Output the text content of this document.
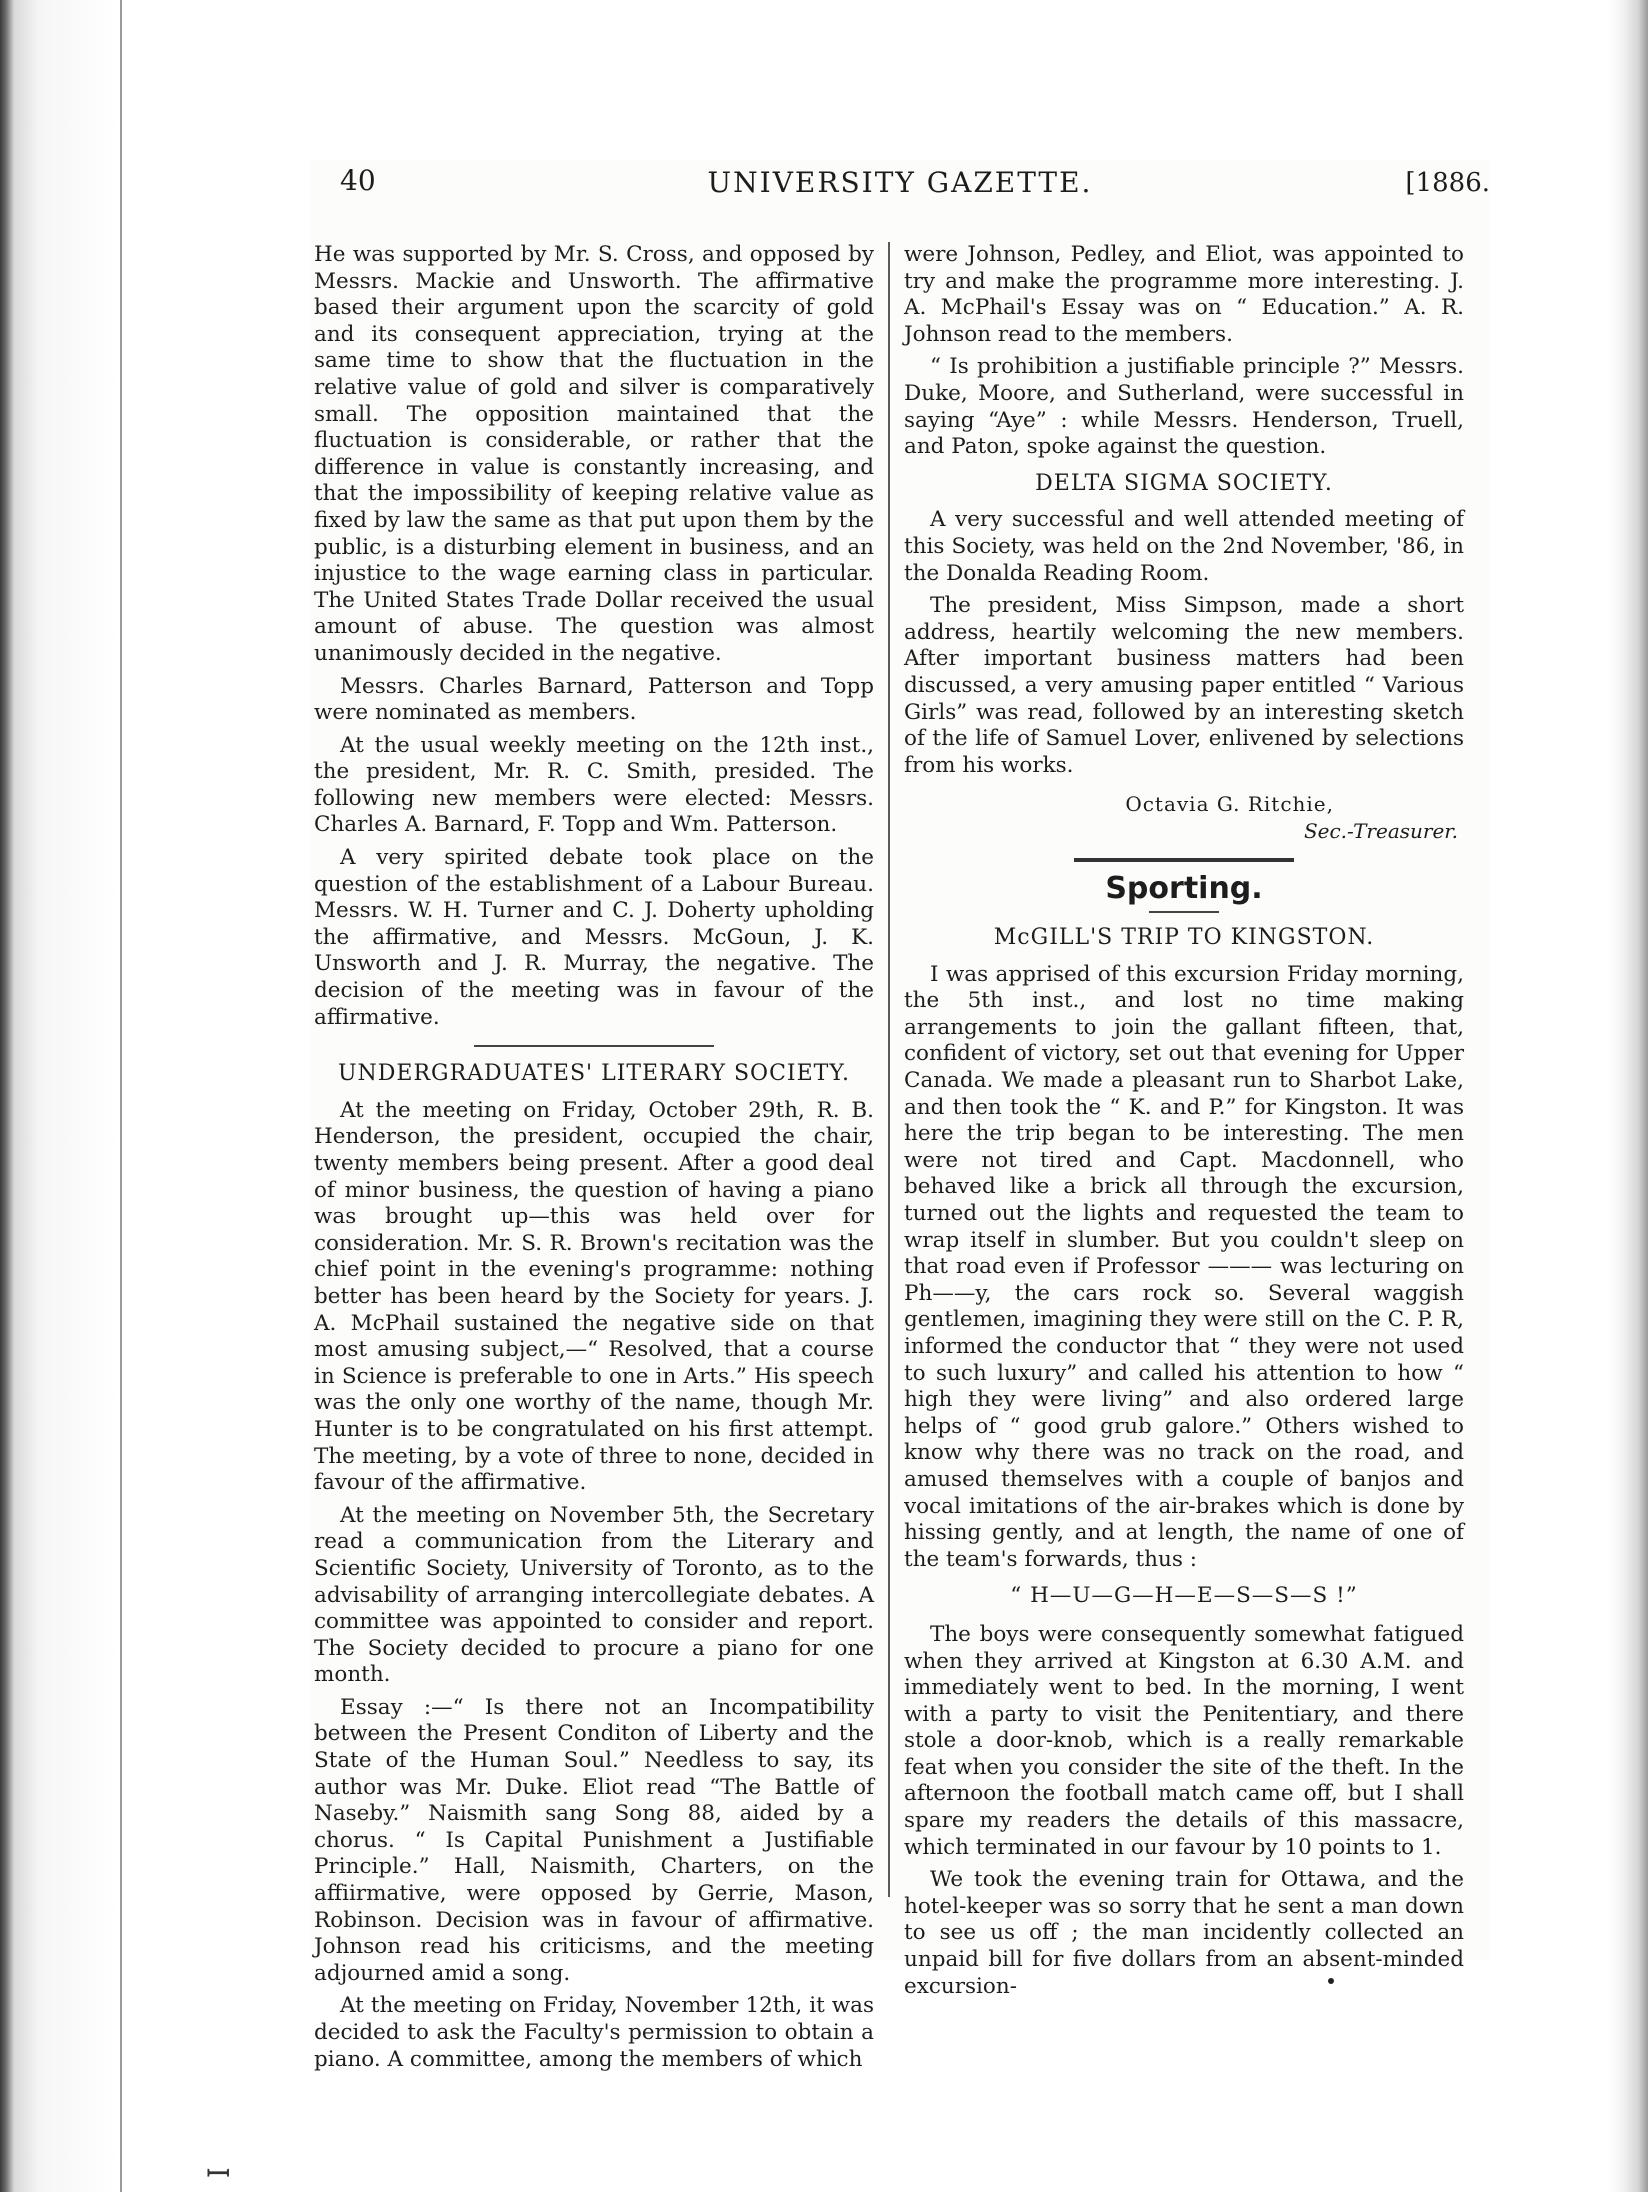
40	UNIVERSITY GAZETTE.	[1886.

He was supported by Mr. S. Cross, and opposed by Messrs. Mackie and Unsworth. The affirmative based their argument upon the scarcity of gold and its consequent appreciation, trying at the same time to show that the fluctuation in the relative value of gold and silver is comparatively small. The opposition maintained that the fluctuation is considerable, or rather that the difference in value is constantly increasing, and that the impossibility of keeping relative value as fixed by law the same as that put upon them by the public, is a disturbing element in business, and an injustice to the wage earning class in particular. The United States Trade Dollar received the usual amount of abuse. The question was almost unanimously decided in the negative.

Messrs. Charles Barnard, Patterson and Topp were nominated as members.

At the usual weekly meeting on the 12th inst., the president, Mr. R. C. Smith, presided. The following new members were elected: Messrs. Charles A. Barnard, F. Topp and Wm. Patterson.

A very spirited debate took place on the question of the establishment of a Labour Bureau. Messrs. W. H. Turner and C. J. Doherty upholding the affirmative, and Messrs. McGoun, J. K. Unsworth and J. R. Murray, the negative. The decision of the meeting was in favour of the affirmative.

UNDERGRADUATES' LITERARY SOCIETY.

At the meeting on Friday, October 29th, R. B. Henderson, the president, occupied the chair, twenty members being present. After a good deal of minor business, the question of having a piano was brought up—this was held over for consideration. Mr. S. R. Brown's recitation was the chief point in the evening's programme: nothing better has been heard by the Society for years. J. A. McPhail sustained the negative side on that most amusing subject,—“ Resolved, that a course in Science is preferable to one in Arts.” His speech was the only one worthy of the name, though Mr. Hunter is to be congratulated on his first attempt. The meeting, by a vote of three to none, decided in favour of the affirmative.

At the meeting on November 5th, the Secretary read a communication from the Literary and Scientific Society, University of Toronto, as to the advisability of arranging intercollegiate debates. A committee was appointed to consider and report. The Society decided to procure a piano for one month.

Essay :—“ Is there not an Incompatibility between the Present Conditon of Liberty and the State of the Human Soul.” Needless to say, its author was Mr. Duke. Eliot read “The Battle of Naseby.” Naismith sang Song 88, aided by a chorus. “ Is Capital Punishment a Justifiable Principle.” Hall, Naismith, Charters, on the affiirmative, were opposed by Gerrie, Mason, Robinson. Decision was in favour of affirmative. Johnson read his criticisms, and the meeting adjourned amid a song.

At the meeting on Friday, November 12th, it was decided to ask the Faculty's permission to obtain a piano. A committee, among the members of which

were Johnson, Pedley, and Eliot, was appointed to try and make the programme more interesting. J. A. McPhail's Essay was on “ Education.” A. R. Johnson read to the members.

“ Is prohibition a justifiable principle ?” Messrs. Duke, Moore, and Sutherland, were successful in saying “Aye” : while Messrs. Henderson, Truell, and Paton, spoke against the question.

DELTA SIGMA SOCIETY.

A very successful and well attended meeting of this Society, was held on the 2nd November, '86, in the Donalda Reading Room.

The president, Miss Simpson, made a short address, heartily welcoming the new members. After important business matters had been discussed, a very amusing paper entitled “ Various Girls” was read, followed by an interesting sketch of the life of Samuel Lover, enlivened by selections from his works.

Octavia G. Ritchie,
Sec.-Treasurer.
Sporting.
McGILL'S TRIP TO KINGSTON.

I was apprised of this excursion Friday morning, the 5th inst., and lost no time making arrangements to join the gallant fifteen, that, confident of victory, set out that evening for Upper Canada. We made a pleasant run to Sharbot Lake, and then took the “ K. and P.” for Kingston. It was here the trip began to be interesting. The men were not tired and Capt. Macdonnell, who behaved like a brick all through the excursion, turned out the lights and requested the team to wrap itself in slumber. But you couldn't sleep on that road even if Professor ——— was lecturing on Ph——y, the cars rock so. Several waggish gentlemen, imagining they were still on the C. P. R, informed the conductor that “ they were not used to such luxury” and called his attention to how “ high they were living” and also ordered large helps of “ good grub galore.” Others wished to know why there was no track on the road, and amused themselves with a couple of banjos and vocal imitations of the air-brakes which is done by hissing gently, and at length, the name of one of the team's forwards, thus :

“ H—U—G—H—E—S—S—S !”

The boys were consequently somewhat fatigued when they arrived at Kingston at 6.30 A.M. and immediately went to bed. In the morning, I went with a party to visit the Penitentiary, and there stole a door-knob, which is a really remarkable feat when you consider the site of the theft. In the afternoon the football match came off, but I shall spare my readers the details of this massacre, which terminated in our favour by 10 points to 1.

We took the evening train for Ottawa, and the hotel-keeper was so sorry that he sent a man down to see us off ; the man incidently collected an unpaid bill for five dollars from an absent-minded excursion-

ꟷ
